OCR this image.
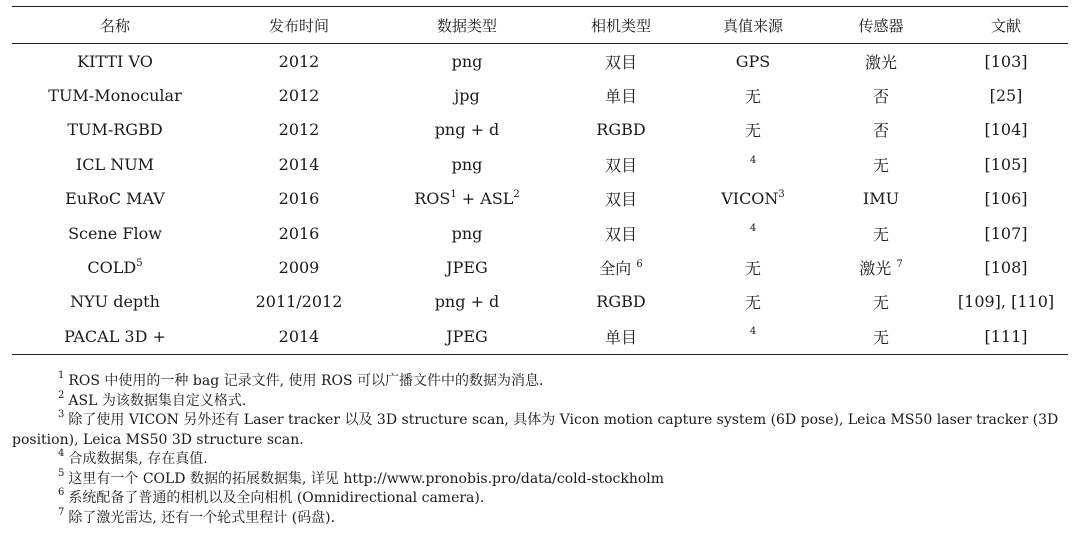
名称	发布时间	数据类型	相机类型	真值来源	传感器	文献
KITTI VO	2012	png	双目	GPS	激光	[103]
TUM-Monocular	2012	jpg	单目	无	否	[25]
TUM-RGBD	2012	png + d	RGBD	无	否	[104]
ICL NUM	2014	png	双目	$^4$	无	[105]
EuRoC MAV	2016	$ROS^1 + ASL^2$	双目	VICON$^3$	IMU	[106]
Scene Flow	2016	png	双目	$^4$	无	[107]
COLD$^5$	2009	JPEG	全向 $^6$	无	激光 $^7$	[108]
NYU depth	2011/2012	png + d	RGBD	无	无	[109], [110]
PACAL 3D +	2014	JPEG	单目	$^4$	无	[111]
$^1$ ROS 中使用的一种 bag 记录文件, 使用 ROS 可以广播文件中的数据为消息.
$^2$ ASL 为该数据集自定义格式.
$^3$ 除了使用 VICON 另外还有 Laser tracker 以及 3D structure scan, 具体为 Vicon motion capture system (6D pose), Leica MS50 laser tracker (3D position), Leica MS50 3D structure scan.
$^4$ 合成数据集, 存在真值.
$^5$ 这里有一个 COLD 数据的拓展数据集, 详见 http://www.pronobis.pro/data/cold-stockholm
$^6$ 系统配备了普通的相机以及全向相机 (Omnidirectional camera).
$^7$ 除了激光雷达, 还有一个轮式里程计 (码盘).
